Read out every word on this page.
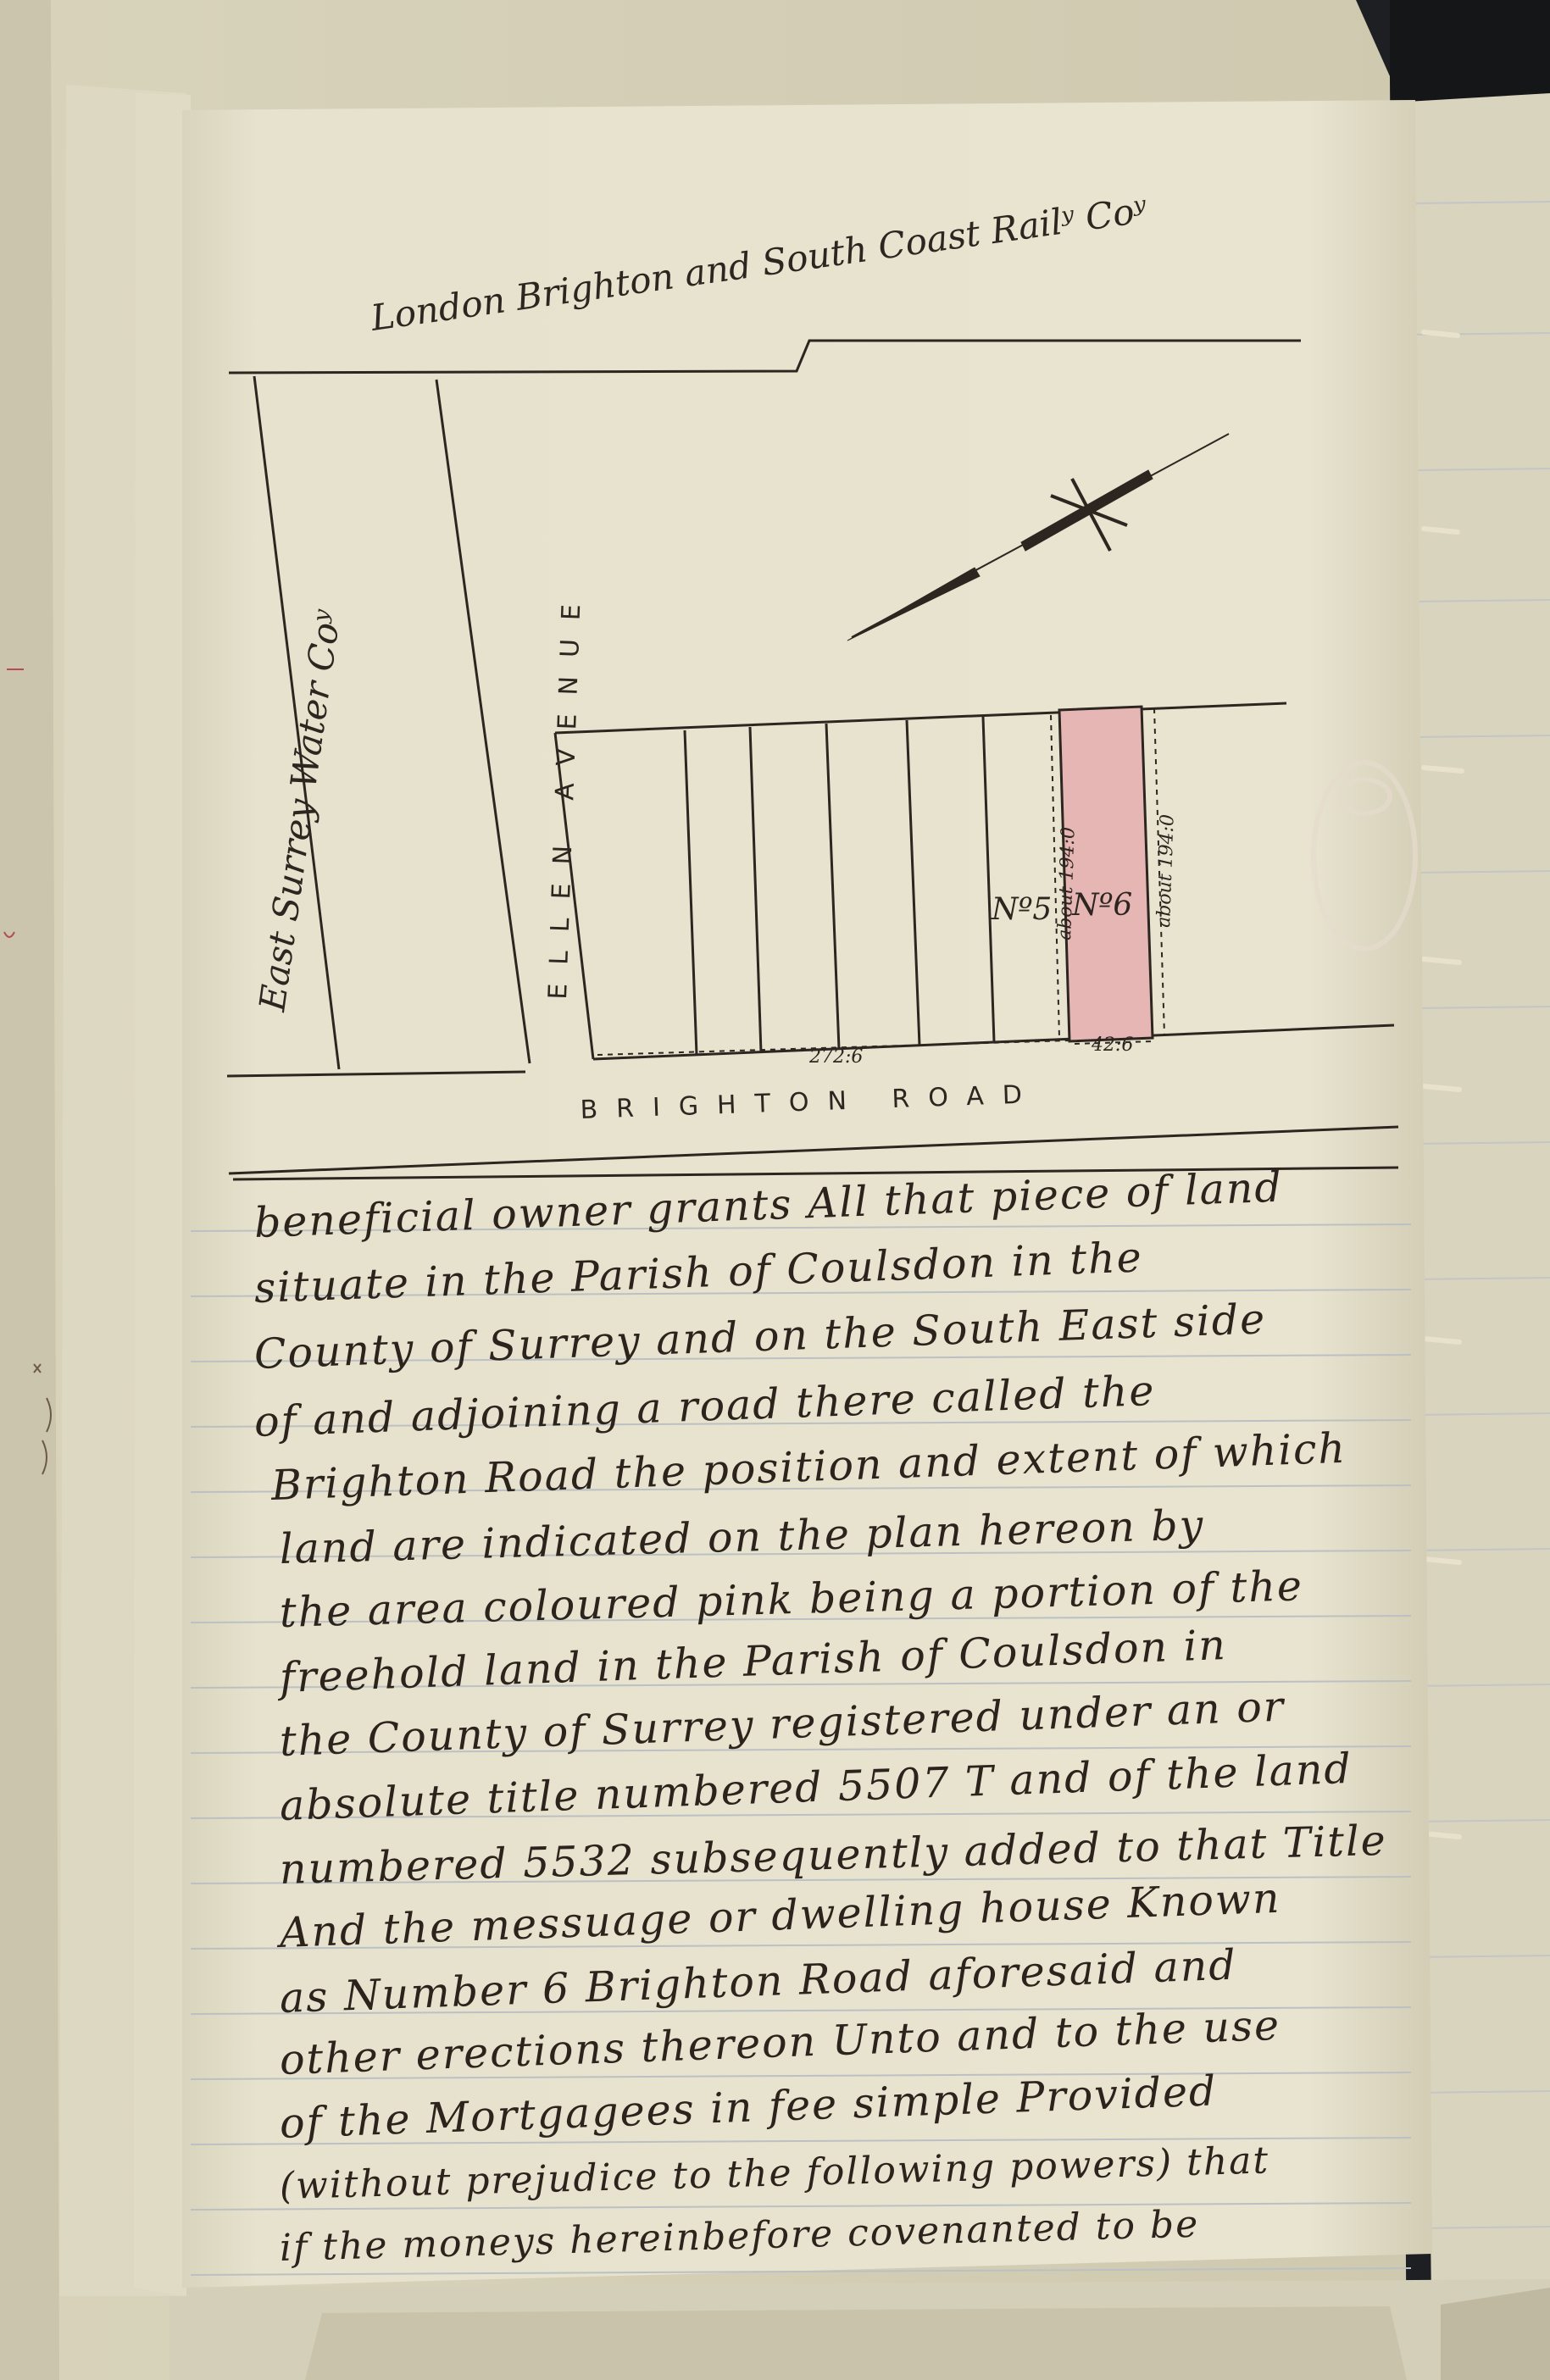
London Brighton and South Coast Railʸ Coʸ
East Surrey Water Coʸ	ELLEN AVENUE
BRIGHTON ROAD
Nº5 Nº6
about 194:0	about 194:0
272:6
42:6
beneficial owner grants All that piece of land
situate in the Parish of Coulsdon in the
County of Surrey and on the South East side
of and adjoining a road there called the
Brighton Road the position and extent of which
land are indicated on the plan hereon by
the area coloured pink being a portion of the
freehold land in the Parish of Coulsdon in
the County of Surrey registered under an or
absolute title numbered 5507 T and of the land
numbered 5532 subsequently added to that Title
And the messuage or dwelling house Known
as Number 6 Brighton Road aforesaid and
other erections thereon Unto and to the use
of the Mortgagees in fee simple Provided
(without prejudice to the following powers) that
if the moneys hereinbefore covenanted to be
